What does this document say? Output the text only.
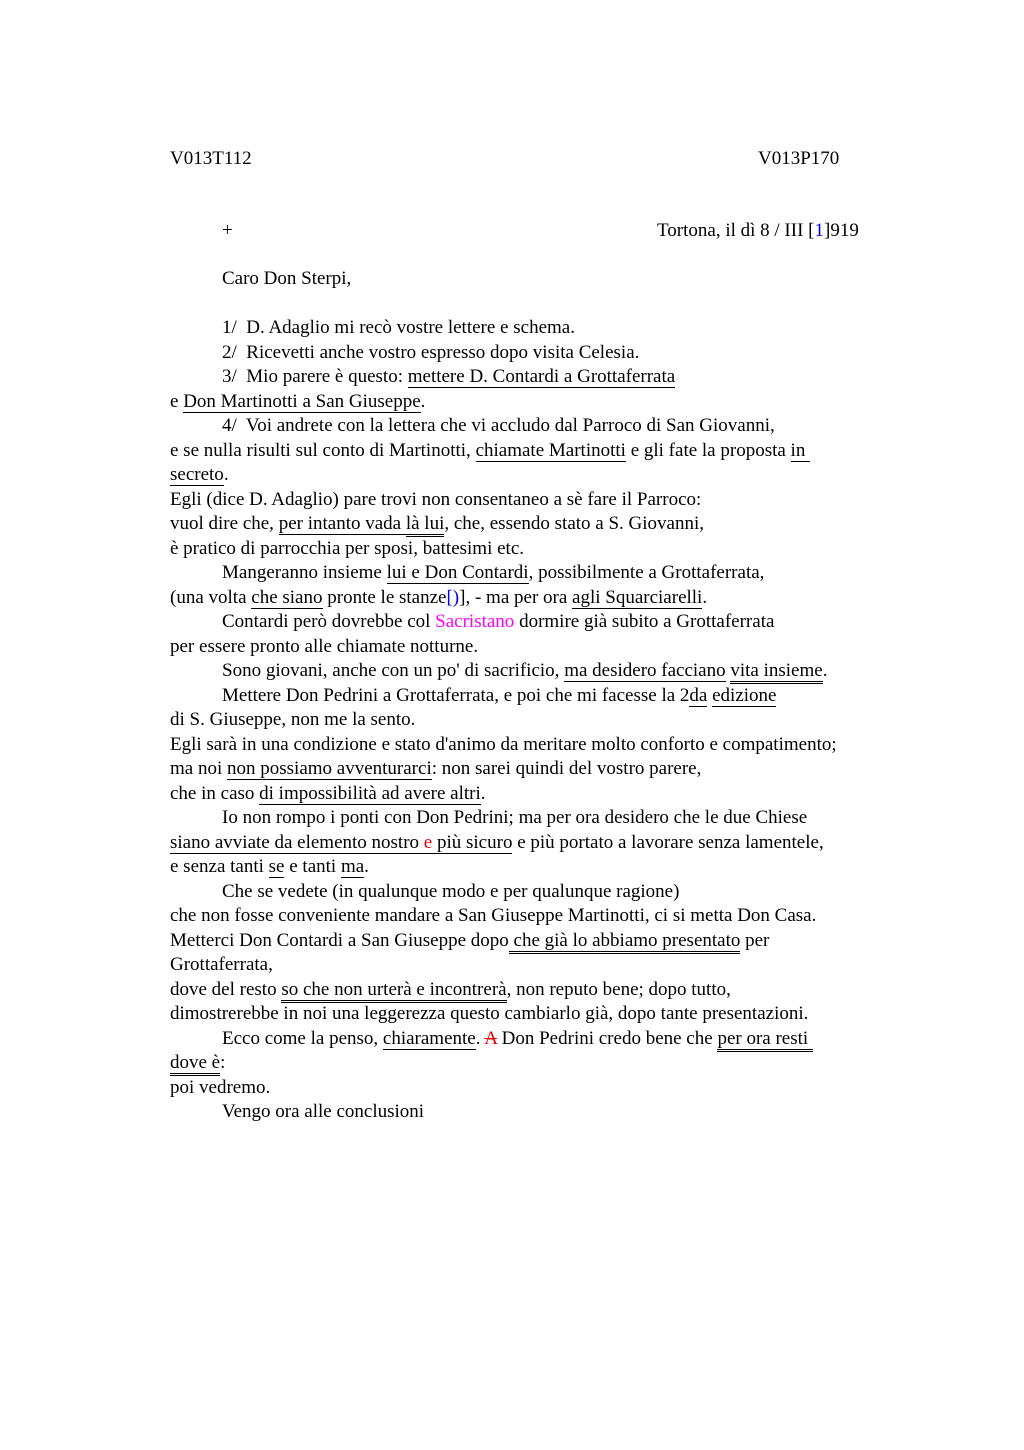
V013T112	V013P170
+	Tortona, il dì 8 / III [1]919
Caro Don Sterpi,
1/  D. Adaglio mi recò vostre lettere e schema.
2/  Ricevetti anche vostro espresso dopo visita Celesia.
3/  Mio parere è questo: mettere D. Contardi a Grottaferrata
e Don Martinotti a San Giuseppe.
4/  Voi andrete con la lettera che vi accludo dal Parroco di San Giovanni,
e se nulla risulti sul conto di Martinotti, chiamate Martinotti e gli fate la proposta in
secreto.
Egli (dice D. Adaglio) pare trovi non consentaneo a sè fare il Parroco:
vuol dire che, per intanto vada là lui, che, essendo stato a S. Giovanni,
è pratico di parrocchia per sposi, battesimi etc.
Mangeranno insieme lui e Don Contardi, possibilmente a Grottaferrata,
(una volta che siano pronte le stanze[)], - ma per ora agli Squarciarelli.
Contardi però dovrebbe col Sacristano dormire già subito a Grottaferrata
per essere pronto alle chiamate notturne.
Sono giovani, anche con un po' di sacrificio, ma desidero facciano vita insieme.
Mettere Don Pedrini a Grottaferrata, e poi che mi facesse la 2da edizione
di S. Giuseppe, non me la sento.
Egli sarà in una condizione e stato d'animo da meritare molto conforto e compatimento;
ma noi non possiamo avventurarci: non sarei quindi del vostro parere,
che in caso di impossibilità ad avere altri.
Io non rompo i ponti con Don Pedrini; ma per ora desidero che le due Chiese
siano avviate da elemento nostro e più sicuro e più portato a lavorare senza lamentele,
e senza tanti se e tanti ma.
Che se vedete (in qualunque modo e per qualunque ragione)
che non fosse conveniente mandare a San Giuseppe Martinotti, ci si metta Don Casa.
Metterci Don Contardi a San Giuseppe dopo che già lo abbiamo presentato per
Grottaferrata,
dove del resto so che non urterà e incontrerà, non reputo bene; dopo tutto,
dimostrerebbe in noi una leggerezza questo cambiarlo già, dopo tante presentazioni.
Ecco come la penso, chiaramente. A Don Pedrini credo bene che per ora resti
dove è:
poi vedremo.
Vengo ora alle conclusioni
